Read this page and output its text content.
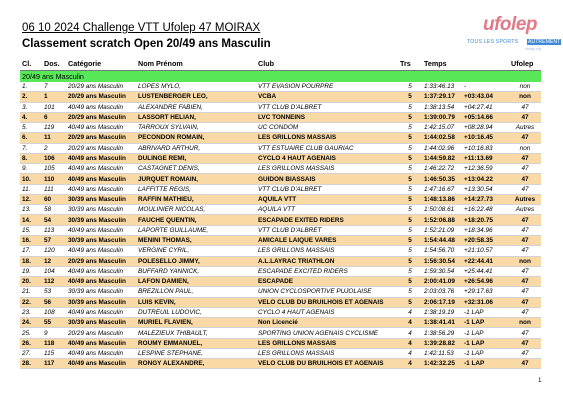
06 10 2024 Challenge VTT Ufolep 47 MOIRAX
Classement scratch Open 20/49 ans Masculin
ufolep
TOUS LES SPORTS AUTREMENT
ufolep.org
Cl.	Dos.	Catégorie	Nom Prénom	Club	Trs	Temps		Ufolep
20/49 ans Masculin								
1.	7	20/29 ans Masculin	LOPES MYLO,	VTT EVASION POURPRE	5	1:33:46.13	-	non
2.	1	20/29 ans Masculin	LUSTENBERGER LEO,	VCBA	5	1:37:29.17	+03:43.04	non
3.	101	40/49 ans Masculin	ALEXANDRE FABIEN,	VTT CLUB D'ALBRET	5	1:38:13.54	+04:27.41	47
4.	6	20/29 ans Masculin	LASSORT HELIAN,	LVC TONNEINS	5	1:39:00.79	+05:14.66	47
5.	119	40/49 ans Masculin	TARROUX SYLVAIN,	UC CONDOM	5	1:42:15.07	+08:28.94	Autres
6.	11	20/29 ans Masculin	PECONDON ROMAIN,	LES GRILLONS MASSAIS	5	1:44:02.58	+10:16.45	47
7.	2	20/29 ans Masculin	ABRIVARD ARTHUR,	VTT ESTUAIRE CLUB GAURIAC	5	1:44:02.96	+10:16.83	non
8.	106	40/49 ans Masculin	DULINGE REMI,	CYCLO 4 HAUT AGENAIS	5	1:44:59.82	+11:13.69	47
9.	105	40/49 ans Masculin	CASTAGNET DENIS,	LES GRILLONS MASSAIS	5	1:46:22.72	+12:36.59	47
10.	110	40/49 ans Masculin	JURQUET ROMAIN,	GUIDON BIASSAIS	5	1:46:50.35	+13:04.22	47
11.	111	40/49 ans Masculin	LAFFITTE REGIS,	VTT CLUB D'ALBRET	5	1:47:16.67	+13:30.54	47
12.	60	30/39 ans Masculin	RAFFIN MATHIEU,	AQUILA VTT	5	1:48:13.86	+14:27.73	Autres
13.	58	30/39 ans Masculin	MOULINIER NICOLAS,	AQUILA VTT	5	1:50:08.61	+16:22.48	Autres
14.	54	30/39 ans Masculin	FAUCHE QUENTIN,	ESCAPADE EXITED RIDERS	5	1:52:06.88	+18:20.75	47
15.	113	40/49 ans Masculin	LAPORTE GUILLAUME,	VTT CLUB D'ALBRET	5	1:52:21.09	+18:34.96	47
16.	57	30/39 ans Masculin	MENINI THOMAS,	AMICALE LAIQUE VARES	5	1:54:44.48	+20:58.35	47
17.	120	40/49 ans Masculin	VERGINE CYRIL,	LES GRILLONS MASSAIS	5	1:54:56.70	+21:10.57	47
18.	12	20/29 ans Masculin	POLESELLO JIMMY,	A.L.LAYRAC TRIATHLON	5	1:56:30.54	+22:44.41	non
19.	104	40/49 ans Masculin	BUFFARD YANNICK,	ESCAPADE EXCITED RIDERS	5	1:59:30.54	+25:44.41	47
20.	112	40/49 ans Masculin	LAFON DAMIEN,	ESCAPADE	5	2:00:41.09	+26:54.96	47
21.	53	30/39 ans Masculin	BREZILLON PAUL,	UNION CYCLOSPORTIVE PUJOLAISE	5	2:03:03.76	+29:17.63	47
22.	56	30/39 ans Masculin	LUIS KEVIN,	VELO CLUB DU BRUILHOIS ET AGENAIS	5	2:06:17.19	+32:31.06	47
23.	108	40/49 ans Masculin	DUTREUIL LUDOVIC,	CYCLO 4 HAUT AGENAIS	4	1:38:19.19	-1 LAP	47
24.	55	30/39 ans Masculin	MURIEL FLAVIEN,	Non Licencié	4	1:38:41.41	-1 LAP	non
25.	9	20/29 ans Masculin	MALEZIEUX THIBAULT,	SPORTING UNION AGENAIS CYCLISME	4	1:38:56.29	-1 LAP	47
26.	118	40/49 ans Masculin	ROUMY EMMANUEL,	LES GRILLONS MASSAIS	4	1:39:28.82	-1 LAP	47
27.	115	40/49 ans Masculin	LESPINE STEPHANE,	LES GRILLONS MASSAIS	4	1:42:11.53	-1 LAP	47
28.	117	40/49 ans Masculin	RONGY ALEXANDRE,	VELO CLUB DU BRUILHOIS ET AGENAIS	4	1:42:32.25	-1 LAP	47
1
